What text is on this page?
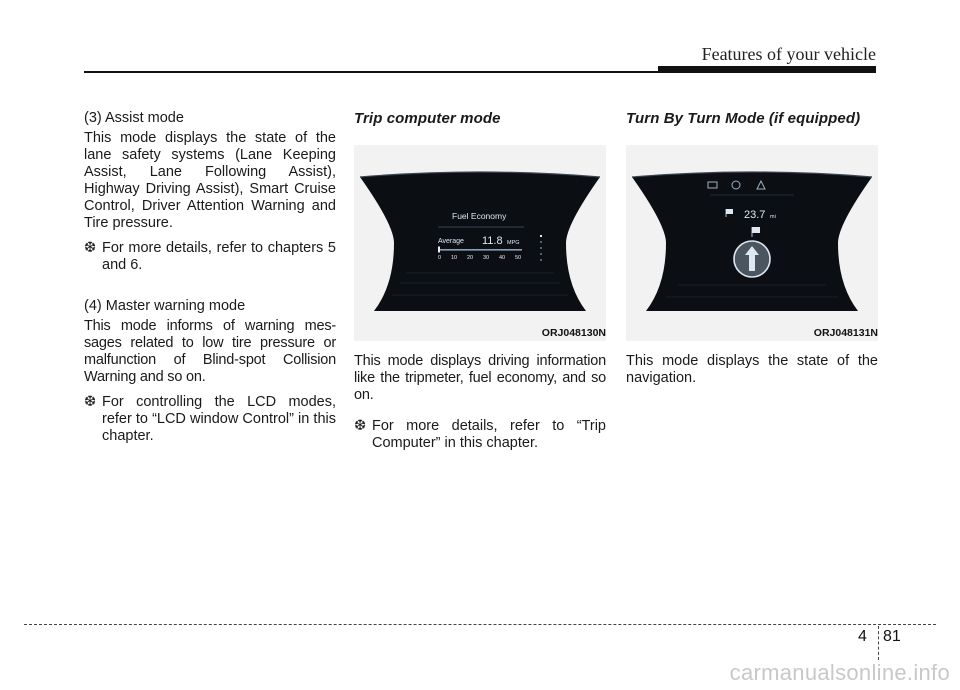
Features of your vehicle

(3) Assist mode

This mode displays the state of the lane safety systems (Lane Keeping Assist, Lane Following Assist), Highway Driving Assist), Smart Cruise Control, Driver Attention Warning and Tire pressure.

❆ For more details, refer to chapters 5 and 6.

(4) Master warning mode

This mode informs of warning mes-sages related to low tire pressure or malfunction of Blind-spot Collision Warning and so on.

❆ For controlling the LCD modes, refer to “LCD window Control” in this chapter.
Trip computer mode
Fuel Economy
Average 11.8 MPG
0 10 20 30 40 50
ORJ048130N

This mode displays driving information like the tripmeter, fuel economy, and so on.

❆ For more details, refer to “Trip Computer” in this chapter.
Turn By Turn Mode (if equipped)
23.7 mi
ORJ048131N

This mode displays the state of the navigation.

4 81
carmanualsonline.info
